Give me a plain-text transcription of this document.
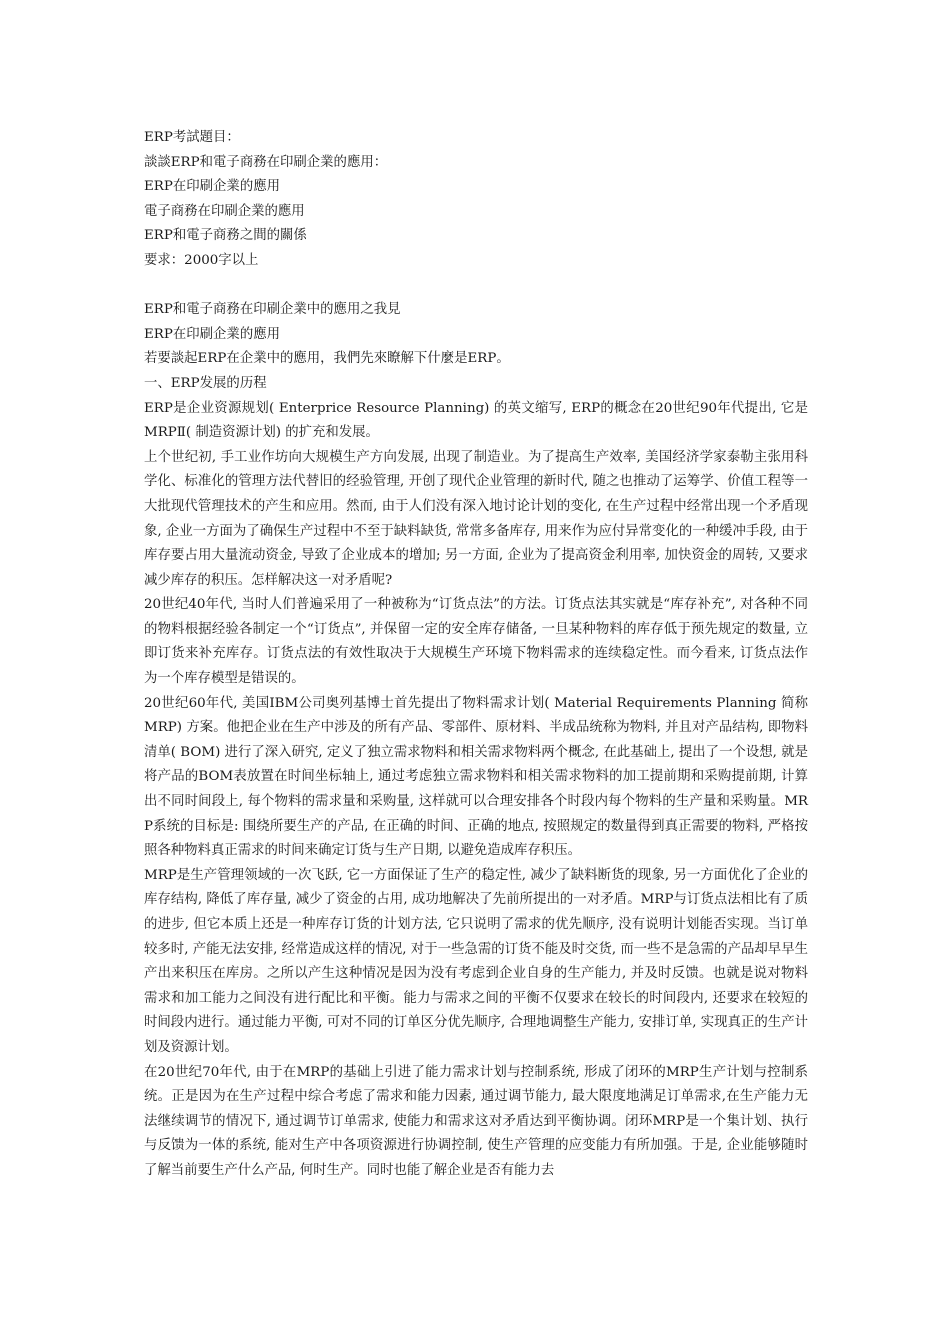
ERP考試題目：

談談ERP和電子商務在印刷企業的應用：

ERP在印刷企業的應用

電子商務在印刷企業的應用

ERP和電子商務之間的關係

要求：2000字以上

ERP和電子商務在印刷企業中的應用之我見

ERP在印刷企業的應用

若要談起ERP在企業中的應用，我們先來瞭解下什麼是ERP。

一、ERP发展的历程

ERP是企业资源规划( Enterprice Resource Planning) 的英文缩写, ERP的概念在20世纪90年代提出, 它是MRPⅡ( 制造资源计划) 的扩充和发展。

上个世纪初, 手工业作坊向大规模生产方向发展, 出现了制造业。为了提高生产效率, 美国经济学家泰勒主张用科学化、标准化的管理方法代替旧的经验管理, 开创了现代企业管理的新时代, 随之也推动了运筹学、价值工程等一大批现代管理技术的产生和应用。然而, 由于人们没有深入地讨论计划的变化, 在生产过程中经常出现一个矛盾现象, 企业一方面为了确保生产过程中不至于缺料缺货, 常常多备库存, 用来作为应付异常变化的一种缓冲手段, 由于库存要占用大量流动资金, 导致了企业成本的增加; 另一方面, 企业为了提高资金利用率, 加快资金的周转, 又要求减少库存的积压。怎样解决这一对矛盾呢?

20世纪40年代, 当时人们普遍采用了一种被称为“订货点法”的方法。订货点法其实就是“库存补充”, 对各种不同的物料根据经验各制定一个“订货点”, 并保留一定的安全库存储备, 一旦某种物料的库存低于预先规定的数量, 立即订货来补充库存。订货点法的有效性取决于大规模生产环境下物料需求的连续稳定性。而今看来, 订货点法作为一个库存模型是错误的。

20世纪60年代, 美国IBM公司奥列基博士首先提出了物料需求计划( Material Requirements Planning 简称MRP) 方案。他把企业在生产中涉及的所有产品、零部件、原材料、半成品统称为物料, 并且对产品结构, 即物料清单( BOM) 进行了深入研究, 定义了独立需求物料和相关需求物料两个概念, 在此基础上, 提出了一个设想, 就是将产品的BOM表放置在时间坐标轴上, 通过考虑独立需求物料和相关需求物料的加工提前期和采购提前期, 计算出不同时间段上, 每个物料的需求量和采购量, 这样就可以合理安排各个时段内每个物料的生产量和采购量。MRP系统的目标是: 围绕所要生产的产品, 在正确的时间、正确的地点, 按照规定的数量得到真正需要的物料, 严格按照各种物料真正需求的时间来确定订货与生产日期, 以避免造成库存积压。

MRP是生产管理领域的一次飞跃, 它一方面保证了生产的稳定性, 减少了缺料断货的现象, 另一方面优化了企业的库存结构, 降低了库存量, 减少了资金的占用, 成功地解决了先前所提出的一对矛盾。MRP与订货点法相比有了质的进步, 但它本质上还是一种库存订货的计划方法, 它只说明了需求的优先顺序, 没有说明计划能否实现。当订单较多时, 产能无法安排, 经常造成这样的情况, 对于一些急需的订货不能及时交货, 而一些不是急需的产品却早早生产出来积压在库房。之所以产生这种情况是因为没有考虑到企业自身的生产能力, 并及时反馈。也就是说对物料需求和加工能力之间没有进行配比和平衡。能力与需求之间的平衡不仅要求在较长的时间段内, 还要求在较短的时间段内进行。通过能力平衡, 可对不同的订单区分优先顺序, 合理地调整生产能力, 安排订单, 实现真正的生产计划及资源计划。

在20世纪70年代, 由于在MRP的基础上引进了能力需求计划与控制系统, 形成了闭环的MRP生产计划与控制系统。正是因为在生产过程中综合考虑了需求和能力因素, 通过调节能力, 最大限度地满足订单需求,在生产能力无法继续调节的情况下, 通过调节订单需求, 使能力和需求这对矛盾达到平衡协调。闭环MRP是一个集计划、执行与反馈为一体的系统, 能对生产中各项资源进行协调控制, 使生产管理的应变能力有所加强。于是, 企业能够随时了解当前要生产什么产品, 何时生产。同时也能了解企业是否有能力去
